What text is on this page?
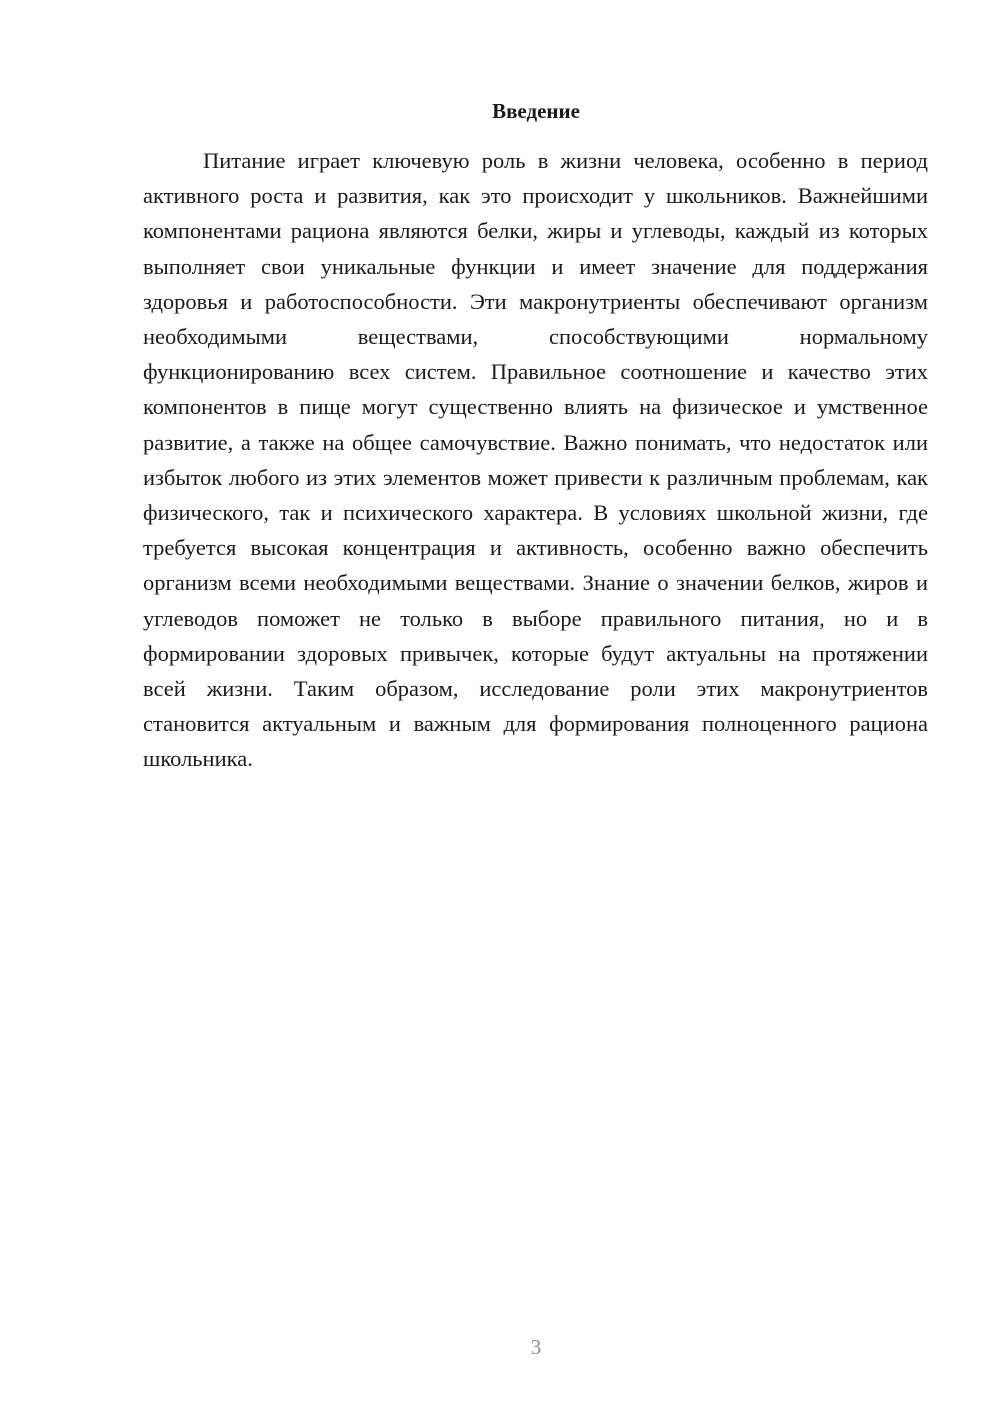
Введение

Питание играет ключевую роль в жизни человека, особенно в период активного роста и развития, как это происходит у школьников. Важнейшими компонентами рациона являются белки, жиры и углеводы, каждый из которых выполняет свои уникальные функции и имеет значение для поддержания здоровья и работоспособности. Эти макронутриенты обеспечивают организм необходимыми веществами, способствующими нормальному функционированию всех систем. Правильное соотношение и качество этих компонентов в пище могут существенно влиять на физическое и умственное развитие, а также на общее самочувствие. Важно понимать, что недостаток или избыток любого из этих элементов может привести к различным проблемам, как физического, так и психического характера. В условиях школьной жизни, где требуется высокая концентрация и активность, особенно важно обеспечить организм всеми необходимыми веществами. Знание о значении белков, жиров и углеводов поможет не только в выборе правильного питания, но и в формировании здоровых привычек, которые будут актуальны на протяжении всей жизни. Таким образом, исследование роли этих макронутриентов становится актуальным и важным для формирования полноценного рациона школьника.

3
